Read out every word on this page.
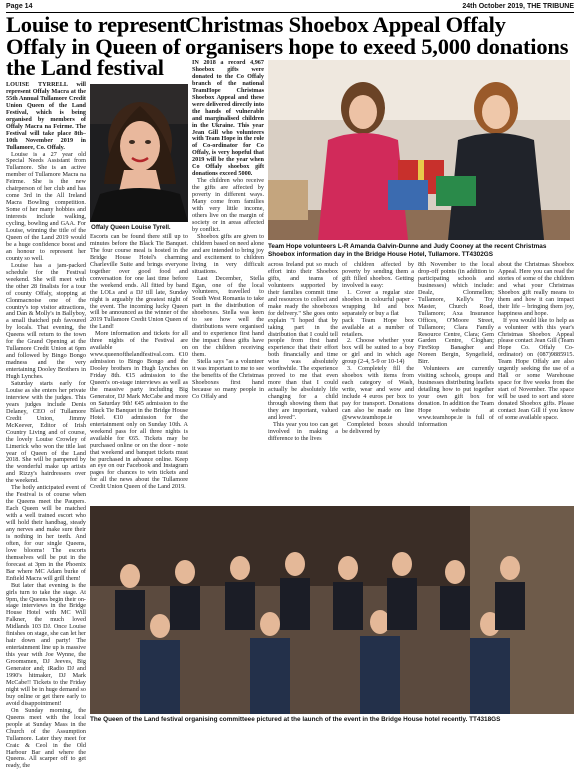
Page 14	24th October 2019, THE TRIBUNE
Louise to represent
Offaly in Queen of
the Land festival
Christmas Shoebox Appeal Offaly
organisers hope to exeed 5,000 donations

LOUISE TYRRELL will represent Offaly Macra at the 55th Annual Tullamore Credit Union Queen of the Land Festival, which is being organised by members of Offaly Macra na Feirme. The Festival will take place 8th–10th November 2019 in Tullamore, Co. Offaly.

Louise is a 27 year old Special Needs Assistant from Tullamore. She is an active member of Tullamore Macra na Feirme. She is the new chairperson of her club and has come 3rd in the All Ireland Macra Bowling competition. Some of her many hobbies and interests include walking, cycling, bowling and GAA. For Louise, winning the title of the Queen of the Land 2019 would be a huge confidence boost and an honour to represent her county so well.

Louise has a jam-packed schedule for the Festival weekend. She will meet with the other 28 finalists for a tour of county Offaly, stopping at Clonmacnoise one of the country's top visitor attractions, and Dan & Molly's in Ballyboy, a small thatched pub favoured by locals. That evening, the Queens will return to the town for the Grand Opening at the Tullamore Credit Union at 6pm and followed by Bingo Bongo madness and the very entertaining Dooley Brothers in Hugh Lynches.

Saturday starts early for Louise as she enters her private interview with the judges. This years judges include Denis Delaney, CEO of Tullamore Credit Union, Jimmy McKeever, Editor of Irish Country Living and of course, the lovely Louise Crowley of Limerick who won the title last year of Queen of the Land 2018. She will be pampered by the wonderful make up artists and Rizzy's hairdressers over the weekend.

The hotly anticipated event of the Festival is of course when the Queens meet the Paupers. Each Queen will be matched with a well trained escort who will hold their handbag, steady any nerves and make sure their is nothing in her teeth. And often, for our single Queens, love blooms! The escorts themselves will be put in the forecast at 3pm in the Phoenix Bar where MC Adam burke of Enfield Macra will grill them!

But later that evening is the girls turn to take the stage. At 9pm, the Queens begin their on-stage interviews in the Bridge House Hotel with MC Will Falkner, the much loved Midlands 103 DJ. Once Louise finishes on stage, she can let her hair down and party! The entertainment line up is massive this year with Joe Wynne, the Groomsmen, DJ Jeeves, Big Generator and; iRadio DJ and 1990's hitmaker, DJ Mark McCabe!! Tickets to the Friday night will be in huge demand so buy online or get there early to avoid disappointment!

On Sunday morning, the Queens meet with the local people at Sunday Mass in the Church of the Assumption Tullamore. Later they meet for Craic & Ceol in the Old Harbour Bar and where the Queens. All scarper off to get ready, the

Offaly Queen Louise Tyrell.

Escorts can be found there still up to minutes before the Black Tie Banquet. The four course meal is hosted in the Bridge House Hotel's charming Charleville Suite and brings everyone together over good food and conversation for one last time before the weekend ends. All fitted by band the LOLs and a DJ till late, Sunday night is arguably the greatest night of the event. The incoming lucky Queen will be announced as the winner of the 2019 Tullamore Credit Union Queen of the Land!

More information and tickets for all three nights of the Festival are available on www.queenofthelandfestival.com. €10 admission to Bingo Bongo and the Dooley brothers in Hugh Lynches on Friday 8th. €15 admission to the Queen's on-stage interviews as well as the massive party including Big Generator, DJ Mark McCabe and more on Saturday 9th! €45 admission to the Black Tie Banquet in the Bridge House Hotel. €10 admission for the entertainment only on Sunday 10th. A weekend pass for all three nights is available for €65. Tickets may be purchased online or on the door - note that weekend and banquet tickets must be purchased in advance online. Keep an eye on our Facebook and Instagram pages for chances to win tickets and for all the news about the Tullamore Credit Union Queen of the Land 2019.

IN 2018 a record 4,967 Shoebox gifts were donated to the Co Offaly branch of the national TeamHope Christmas Shoebox Appeal and these were delivered directly into the hands of vulnerable and marginalised children in the Ukraine. This year Jean Gill who volunteers with Team Hope in the role of Co-ordinator for Co Offaly, is very hopeful that 2019 will be the year when Co Offaly shoebox gift donations exceed 5000.

The children who receive the gifts are affected by poverty in different ways. Many come from families with very little income, others live on the margin of society or in areas affected by conflict.

Shoebox gifts are given to children based on need alone and are intended to bring joy and excitement to children living in very difficult situations.

Last December, Stella Egan, one of the local volunteers, travelled to South West Romania to take part in the distribution of shoeboxes. Stella was keen to see how well the distributions were organised and to experience first hand the impact these gifts have on the children receiving them.

Stella says "as a volunteer it was important to me to see the benefits of the Christmas Shoeboxes first hand because so many people in Co Offaly and

Team Hope volunteers L-R Amanda Galvin-Dunne and Judy Cooney at the recent Christmas Shoebox information day in the Bridge House Hotel, Tullamore. TT4302GS

across Ireland put so much effort into their Shoebox gifts, and teams of volunteers supported by their families commit time and resources to collect and make ready the shoeboxes for delivery." She goes onto explain "I hoped that by taking part in the distribution that I could tell people from first hand experience that their effort both financially and time wise was absolutely worthwhile. The experience proved to me that even more than that I could actually be absolutely life changing for a child through showing them that they are important, valued and loved".

This year you too can get involved in making a difference to the lives

of children affected by poverty by sending them a gift filled shoebox. Getting involved is easy:

1. Cover a regular size shoebox in colourful paper - wrapping lid and box separately or buy a flat

pack Team Hope box available at a number of retailers.

2. Choose whether your box will be suited to a boy or girl and in which age group (2-4, 5-9 or 10-14)

3. Completely fill the shoebox with items from each category of Wash, write, wear and wow and include 4 euros per box to pay for transport. Donations can also be made on line @www.teamhope.ie

Completed boxes should be delivered by

8th November to the local drop-off points (in addition to participating schools and businesses) which include: Dealz, Clonmellon; Tullamore, Kelly's Toy Master, Church Road, Tullamore; Axa Insurance Offices, O'Moore Street, Tullamore; Clara Family Resource Centre, Clara; Gem Garden Centre, Cloghan; FireStop Banagher and Noreen Bergin, Syngefield, Birr.

Volunteers are currently visiting schools, groups and businesses distributing leaflets detailing how to put together your own gift box for donation. In addition the Team Hope website at www.teamhope.ie is full of information

about the Christmas Shoebox Appeal. Here you can read the stories of some of the children and what your Christmas Shoebox gift really means to them and how it can impact their life – bringing them joy, happiness and hope.

If you would like to help as a volunteer with this year's Christmas Shoebox Appeal please contact Jean Gill (Team Hope Co. Offaly Co-ordinator) on (087)9885915. Team Hope Offaly are also urgently seeking the use of a Hall or some Warehouse space for five weeks from the start of November. The space will be used to sort and store donated Shoebox gifts. Please contact Jean Gill if you know of some available space.

The Queen of the Land festival organising committeee pictured at the launch of the event in the Bridge House hotel recently. TT4318GS
